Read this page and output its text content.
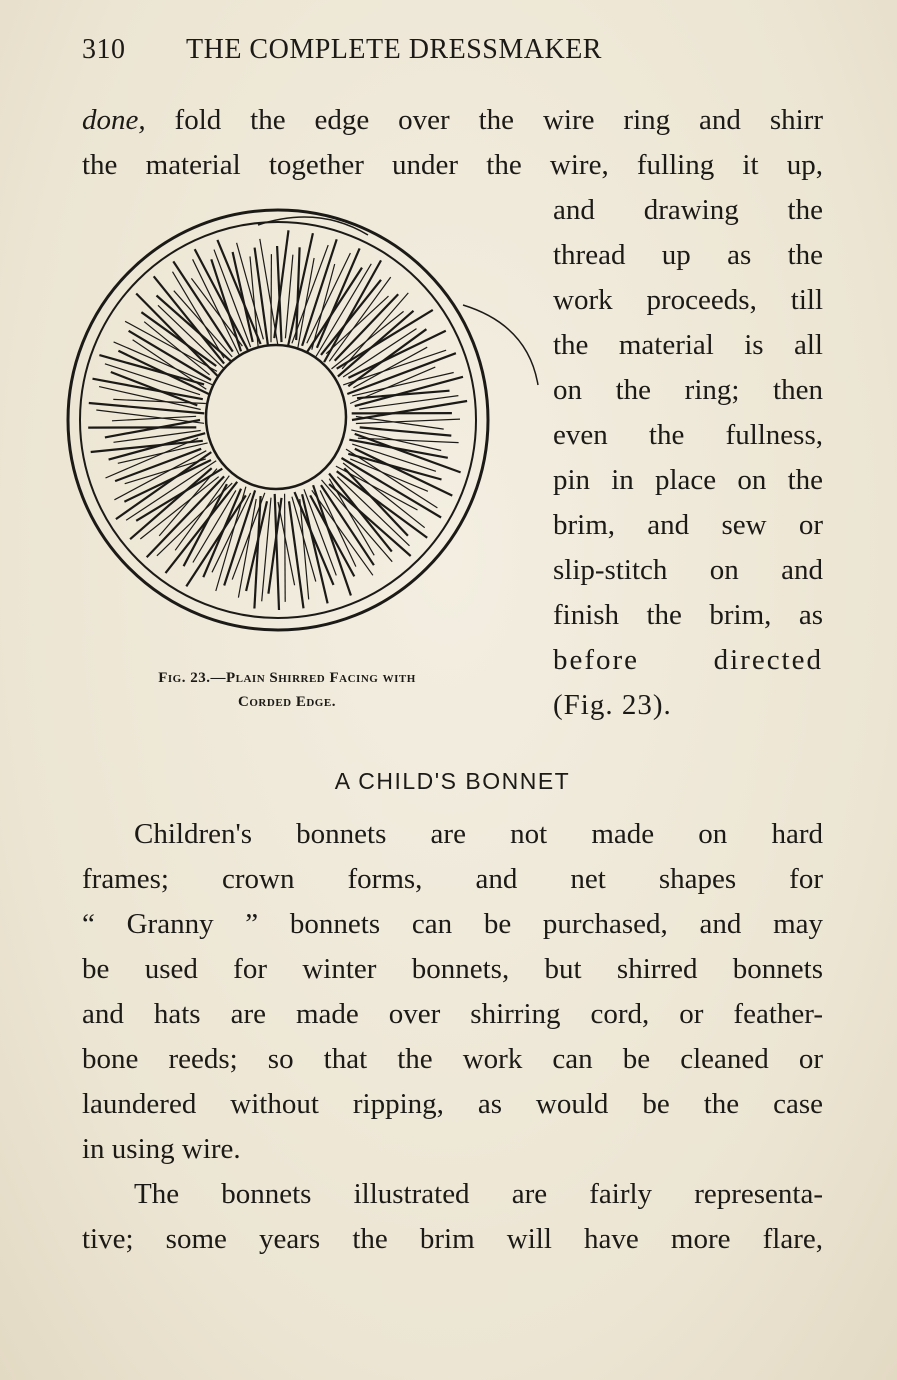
310 THE COMPLETE DRESSMAKER
done, fold the edge over the wire ring and shirr
the material together under the wire, fulling it up,
and drawing the
thread up as the
work proceeds, till
the material is all
on the ring; then
even the fullness,
pin in place on the
brim, and sew or
slip-stitch on and
finish the brim, as
before directed
(Fig. 23).
Fig. 23.—Plain Shirred Facing with
Corded Edge.
A CHILD'S BONNET
Children's bonnets are not made on hard
frames; crown forms, and net shapes for
“ Granny ” bonnets can be purchased, and may
be used for winter bonnets, but shirred bonnets
and hats are made over shirring cord, or feather-
bone reeds; so that the work can be cleaned or
laundered without ripping, as would be the case
in using wire.
The bonnets illustrated are fairly representa-
tive; some years the brim will have more flare,
